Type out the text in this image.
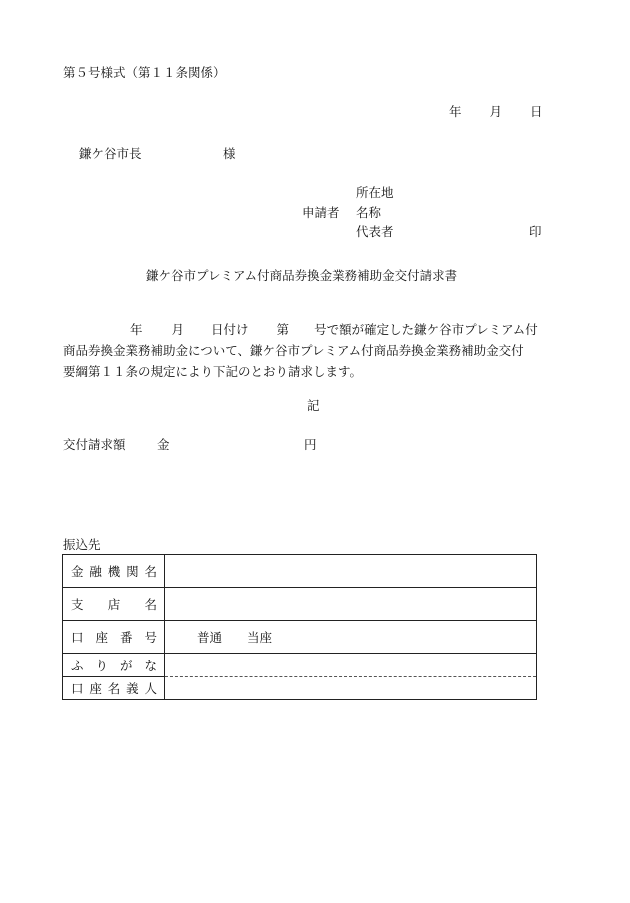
第５号様式（第１１条関係）
年 月 日
鎌ケ谷市長	様
所在地
申請者 名称
代表者	印
鎌ケ谷市プレミアム付商品券換金業務補助金交付請求書
年 月 日付け 第 号で額が確定した鎌ケ谷市プレミアム付
商品券換金業務補助金について、鎌ケ谷市プレミアム付商品券換金業務補助金交付
要綱第１１条の規定により下記のとおり請求します。
記
交付請求額	金	円
振込先
金融機関名	
支店名	
口座番号	普通 当座
ふりがな	
口座名義人	
